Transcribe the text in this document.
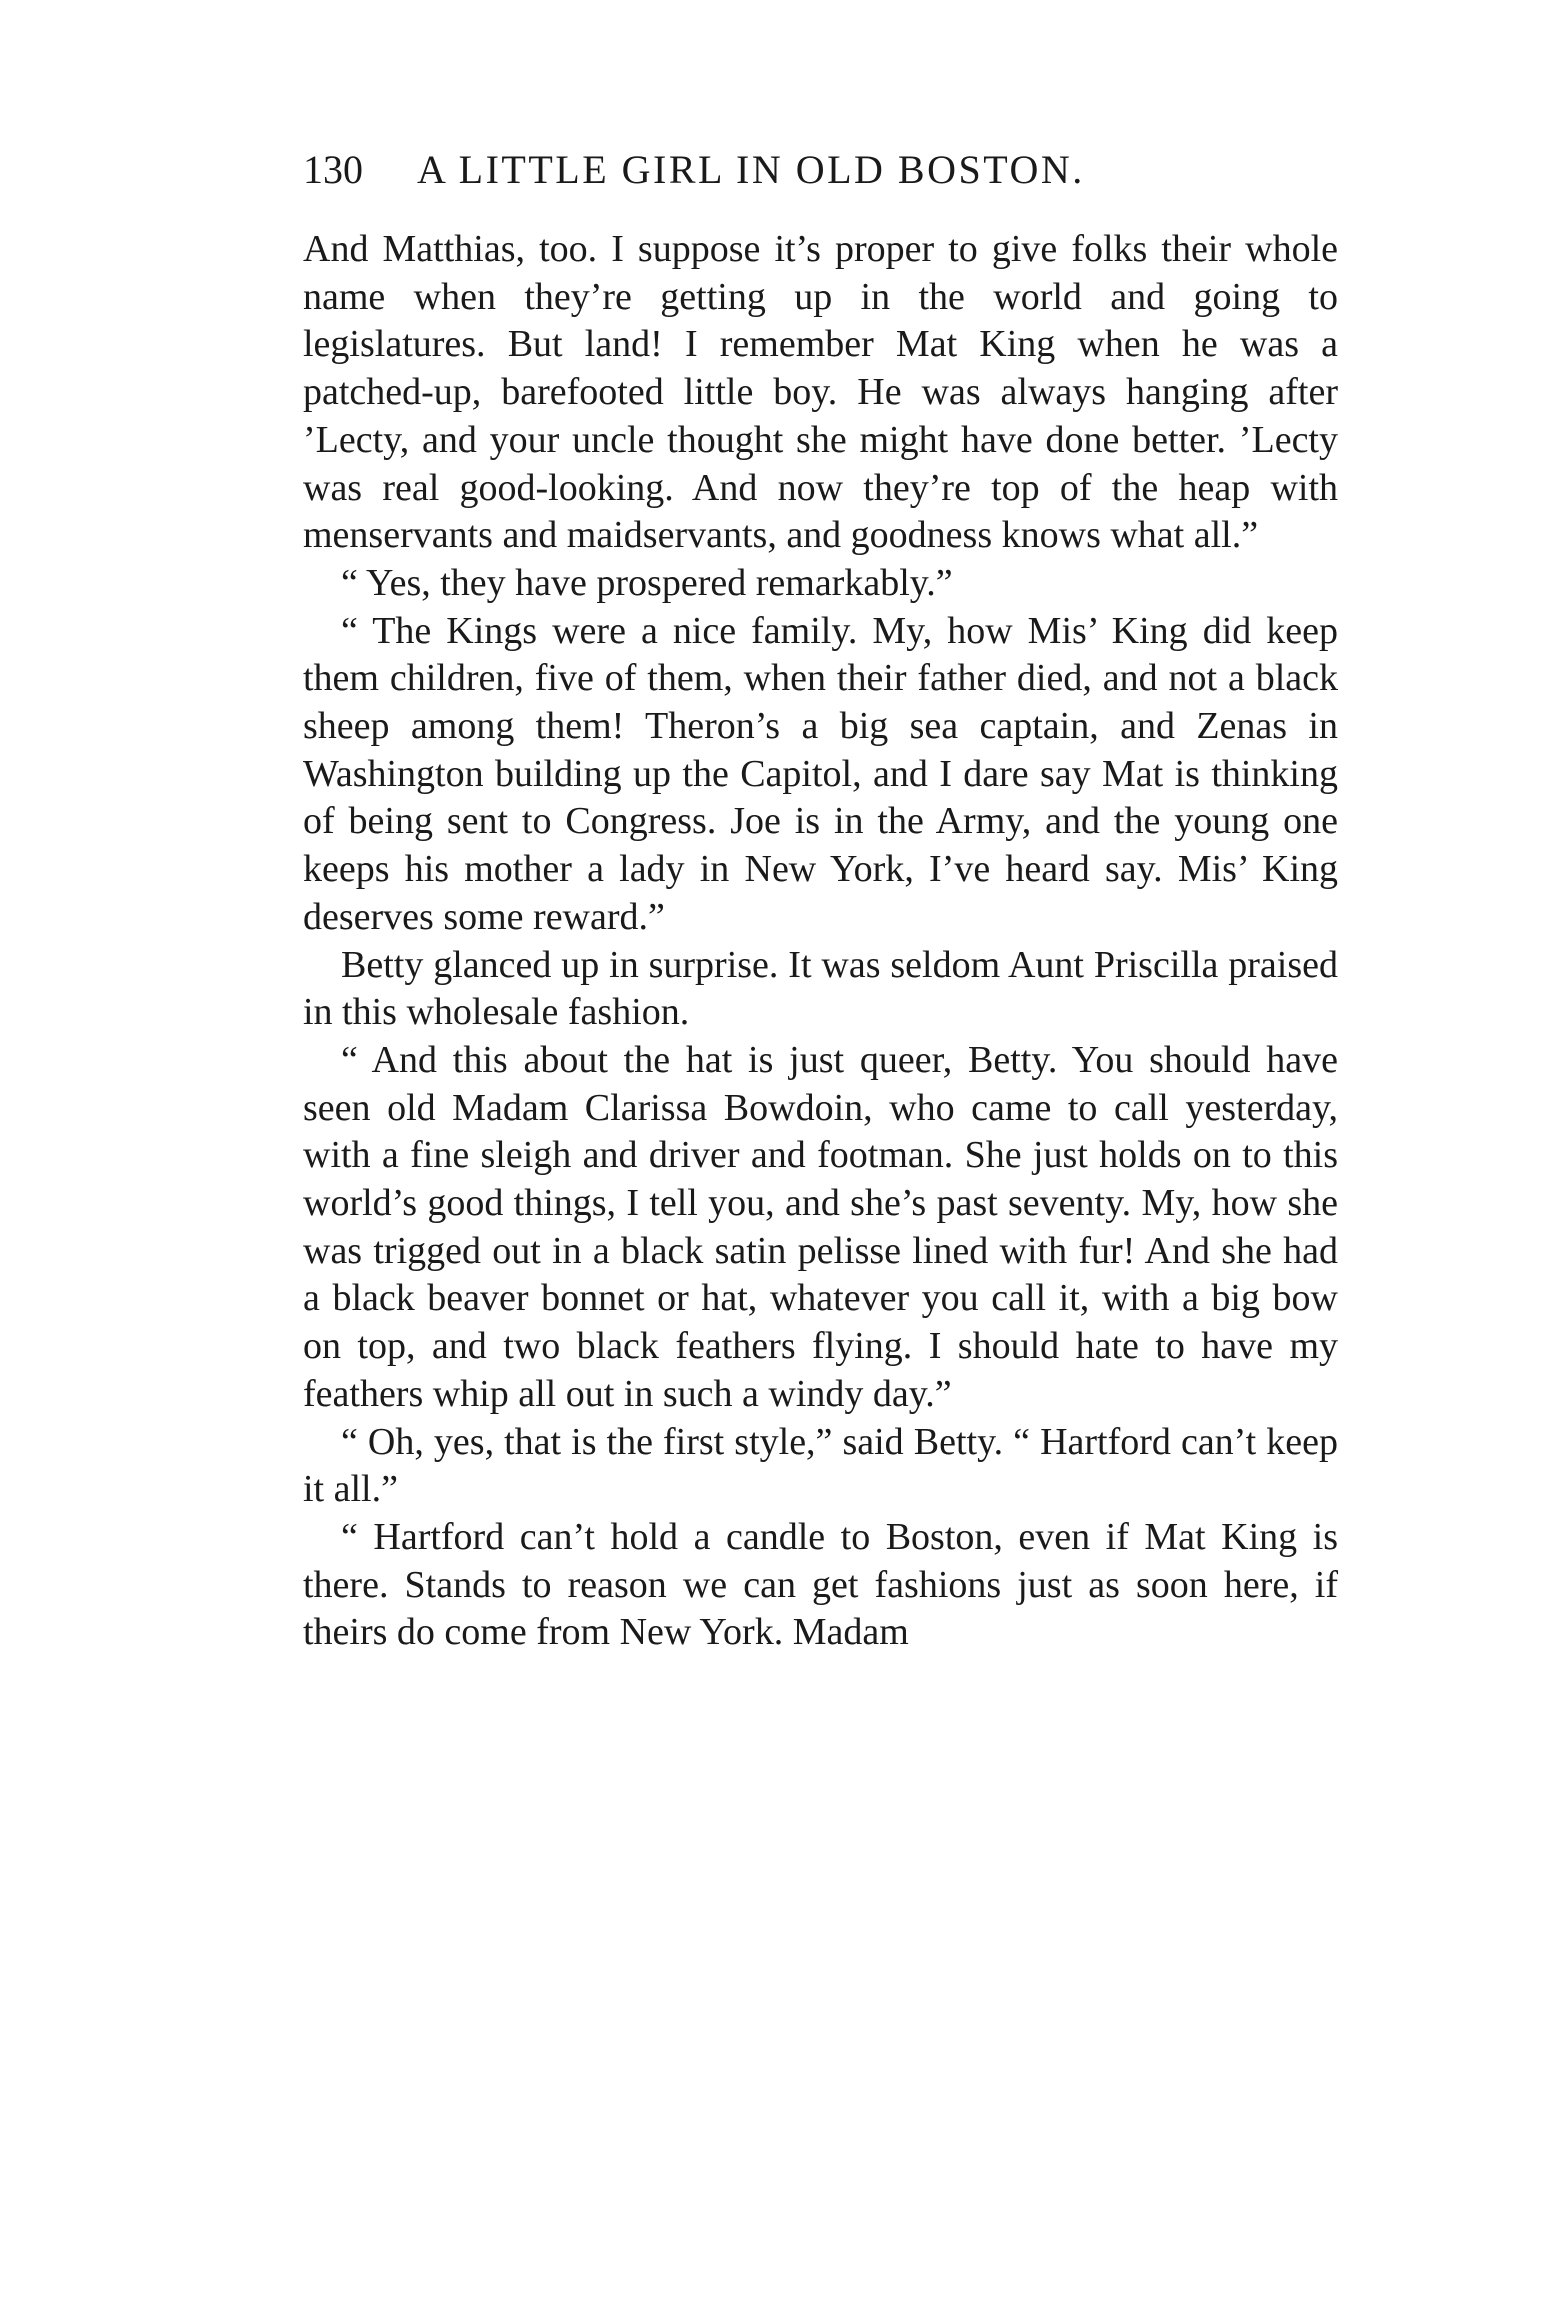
130 A LITTLE GIRL IN OLD BOSTON.

And Matthias, too. I suppose it’s proper to give folks their whole name when they’re getting up in the world and going to legislatures. But land! I remember Mat King when he was a patched-up, barefooted little boy. He was always hanging after ’Lecty, and your uncle thought she might have done better. ’Lecty was real good-looking. And now they’re top of the heap with menservants and maidservants, and goodness knows what all.”

“ Yes, they have prospered remarkably.”

“ The Kings were a nice family. My, how Mis’ King did keep them children, five of them, when their father died, and not a black sheep among them! Theron’s a big sea captain, and Zenas in Washington building up the Capitol, and I dare say Mat is thinking of being sent to Congress. Joe is in the Army, and the young one keeps his mother a lady in New York, I’ve heard say. Mis’ King deserves some reward.”

Betty glanced up in surprise. It was seldom Aunt Priscilla praised in this wholesale fashion.

“ And this about the hat is just queer, Betty. You should have seen old Madam Clarissa Bowdoin, who came to call yesterday, with a fine sleigh and driver and footman. She just holds on to this world’s good things, I tell you, and she’s past seventy. My, how she was trigged out in a black satin pelisse lined with fur! And she had a black beaver bonnet or hat, whatever you call it, with a big bow on top, and two black feathers flying. I should hate to have my feathers whip all out in such a windy day.”

“ Oh, yes, that is the first style,” said Betty. “ Hartford can’t keep it all.”

“ Hartford can’t hold a candle to Boston, even if Mat King is there. Stands to reason we can get fashions just as soon here, if theirs do come from New York. Madam
